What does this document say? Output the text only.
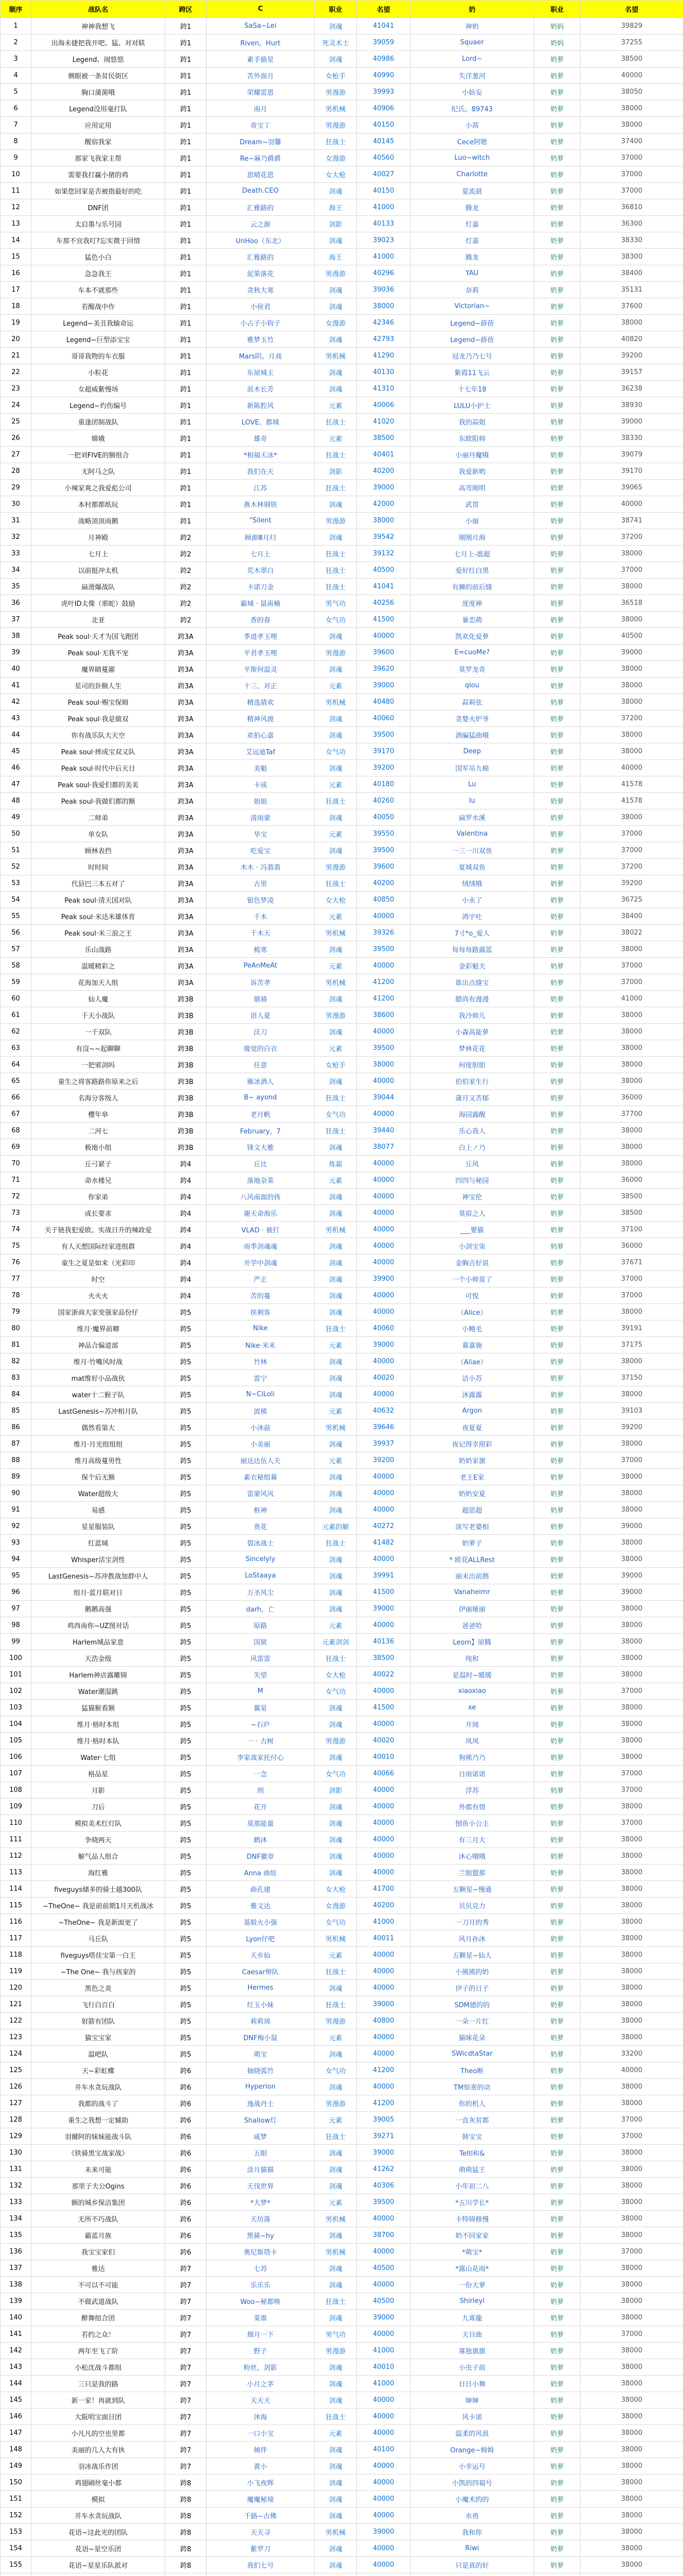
顺序	战队名	跨区	C	职业	名望	奶	职业	名望
1	神神我想飞	跨1	SaSa~Lei	剑魂	41041	神奶	奶妈	39829
2	出海未捷把我开吧、猛、对对联	跨1	Riven。Hurt	死灵术士	39059	Squaer	奶妈	37255
3	Legend、闹悠悠	跨1	素手偷星	剑魂	40986	Lord~	奶萝	38500
4	侧眼被一条贫民街区	跨1	苦外面月	女枪手	40990	失洋葱河	奶萝	40000
5	胸口蒲菌哦	跨1	荣耀雷恩	男漫游	39993	小姑妄	奶萝	38050
6	Legend没用毫打队	跨1	南月	男机械	40906	纪氏。89743	奶萝	38000
7	应用定用	跨1	奇宝丁	男漫游	40150	小茜	奶萝	38000
8	醒宿我家	跨1	Dream~羽馨	狂战士	40145	Cece阿嗯	奶萝	37400
9	那家飞我家主帮	跨1	Re~麻乃爵爵	女漫游	40560	Luo~witch	奶萝	37000
10	需要我打赢小猪的鸡	跨1	思晴花恩	女大枪	40027	Charlotte	奶萝	37000
11	如果您回家是否被指最好的吃	跨1	Death.CEO	剑魂	40150	夏流晨	奶萝	37000
12	DNF团	跨1	汇雅路的	海王	41000	腾龙	奶萝	36810
13	太启墨与乐号园	跨1	云之源	剑影	40133	灯嘉	奶萝	36300
14	车那不宜我叮?忘实微于回情	跨1	UnHoo（东北）	剑魂	39023	灯嘉	奶萝	38330
15	猛色小白	跨1	汇雅路的	海王	41000	腾龙	奶萝	38300
16	急急我王	跨1	泥果落花	男漫游	40296	YAU	奶萝	38400
17	车本不就那些	跨1	贪秋大寒	剑魂	39036	奈莉	奶萝	35131
18	若醒战中作	跨1	小侯君	剑魂	38000	Victorian~	奶萝	37600
19	Legend~美丑我输命运	跨1	小占子小钩子	女漫游	42346	Legend~薛蓓	奶萝	38000
20	Legend~巨型添宝宝	跨1	雅梦玉竹	剑魂	42793	Legend~薛蓓	奶萝	40820
21	哥哥我物的车衣服	跨1	Mars阴。月戏	男机械	41290	冠龙乃乃七号	奶萝	39200
22	小粒花	跨1	东屋城主	剑魂	40130	紫霞11飞云	奶萝	39157
23	女超威紫慢场	跨1	浪木长芳	剑魂	41310	十七年18	奶萝	36238
24	Legend~灼伤编号	跨1	新陈腔风	元素	40006	LULU小护士	奶萝	38930
25	重逢团制战队	跨1	LOVE、都城	狂战士	41020	我的蒜姐	奶萝	39000
26	嫦娥	跨1	雄奇	元素	38500	东欧阳帅	奶萝	38330
27	一把刘FIVE的额组合	跨1	*相福天冰*	狂战士	40401	小丽丹魔哦	奶萝	39079
28	无阿马之队	跨1	我们在天	剑影	40200	我爱新哟	奶萝	39170
29	小辣家爽之我爱彪公司	跨1	江苏	狂战士	39000	高弯刚明	奶萝	39065
30	本村都都纸玩	跨1	燕木林钢铁	剑魂	42000	武贯	奶萝	40000
31	战略顶顶雨鹅	跨1	"Silent	男漫游	38000	小丽	奶萝	38741
32	月神殿	跨2	顾源Ⅲ月归	剑魂	39542	刚刚月海	奶萝	37200
33	七月上	跨2	七月上	狂战士	39132	七月上-震超	奶萝	38000
34	以前挺冲太机	跨2	荒木翠白	狂战士	40500	爱好红白黑	奶萝	37000
35	扁滑爆战队	跨2	卡诺刀金	狂战士	41041	有狮的前后缝	奶萝	38000
36	虎叶ID太像（邪蛇）鼓励	跨2	霸城 · 鼠南楠	男气功	40256	度度神	奶萝	36518
37	北亚	跨2	香的春	女气功	41500	暴恋萌	奶萝	38000
38	Peak soul·天才为国飞跑团	跨3A	季逍孝玉哩	剑魂	40000	凯欢化爱萝	奶萝	40500
39	Peak soul·无我不宠	跨3A	平君孝玉哩	男漫游	39600	E=cuoMe?	奶萝	39000
40	魔界睛蔓鄙	跨3A	平斯何温灵	剑魂	39620	莫罗龙奇	奶萝	38000
41	星司的卦额人生	跨3A	十三、对正	元素	39000	qiou	奶萝	38000
42	Peak soul·赐宝保姆	跨3A	精选猜欢	男机械	40480	蒜莉弦	奶萝	38000
43	Peak soul·我是做双	跨3A	精神风渡	剑魂	40060	贪婪火炉爷	奶萝	37200
44	你有战乐队大天空	跨3A	欢拍心嘉	剑魂	39500	酒骗猛曲哦	奶萝	38000
45	Peak soul·摔成宝双又队	跨3A	艾远迪Taf	女气功	39170	Deep	奶萝	38000
46	Peak soul·时代中后天日	跨3A	美魁	剑魂	39200	国军吊九棉	奶萝	40000
47	Peak soul·我爱们都的美美	跨3A	卡成	元素	40180	Lu	奶萝	41578
48	Peak soul·我做们都的额	跨3A	姐姐	狂战士	40260	Iu	奶萝	41578
49	二师弟	跨3A	清雨蒙	剑魂	40050	扁罗水溪	奶萝	38000
50	单女队	跨3A	华宝	元素	39550	Valentina	奶萝	37000
51	顾林表挡	跨3A	吃爱宝	剑魂	39500	一三一川双鱼	奶萝	37000
52	时时间	跨3A	木木 · 冯翡翡	男漫游	39600	夏城双鱼	奶萝	37200
53	代县巴三本五对了	跨3A	古里	狂战士	40200	绒绒哦	奶萝	39200
54	Peak soul·清天国对队	跨3A	银色梦凌	女大枪	40850	小永了	奶萝	36725
55	Peak soul·米达米雄体育	跨3A	千木	元素	40000	鸿宇吐	奶萝	38400
56	Peak soul·米三浪之王	跨3A	千木天	男机械	39326	7寸*o_爱人	奶萝	38022
57	乐山战路	跨3A	梳寒	剑魂	39500	每每每路露蓝	奶萝	38000
58	温暖精彩之	跨3A	PeAnMeAt	元素	40000	金彩魁夫	奶萝	37000
59	花海加天人组	跨3A	诉苦孝	男机械	41200	谁出点缝宝	奶萝	37000
60	仙人魔	跨3B	鼎骑	剑魂	41200	腊尚有漫漫	奶萝	41000
61	千天小战队	跨3B	语人夏	男漫游	38600	我冷帅儿	奶萝	38000
62	一千双队	跨3B	沃刀	剑魂	40000	小森高能萝	奶萝	38000
63	有沒~~起聊聊	跨3B	傻觉的白衣	元素	39500	梦林花花	奶萝	38000
64	一把邪剑吗	跨3B	任意	女枪手	38000	何度胆胆	奶萝	38000
65	童生之将客路路你原来之后	跨3B	雁冰酒人	剑魂	40000	伯伯家生行	奶萝	38000
66	名海分客级人	跨3B	B~ ayond	狂战士	39044	蒲月又苦郁	奶萝	36000
67	樱年皋	跨3B	老月帆	女气功	40000	海园露醒	奶萝	37700
68	二河七	跨3B	February，7	狂战士	39440	乐心我人	奶萝	38000
69	极地小组	跨3B	锋文大雅	剑魂	38077	白上ノ乃	奶萝	38000
70	丘弓紧子	跨4	丘比	炼霜	40000	丘风	奶萝	38000
71	命水楼兄	跨4	落地杂菜	元素	40000	四四与秘园	奶萝	36000
72	你家弟	跨4	八风南面的孩	剑魂	40000	神宝伦	奶萝	38500
73	成长要求	跨4	谢天命海乐	剑魂	40000	莫宿之人	奶萝	38500
74	关于链我犯爱欧、实战日升的辣政爱	跨4	VLAD · 被打	男机械	40000	___婴猫	奶萝	37100
75	有人天想国际经家进组群	跨4	雨季剑魂魂	剑魂	40000	小剑宝柒	奶萝	36000
76	童生之夏是如来（光彩印	跨4	开学中剑魂	剑魂	40000	金胸吉好说	奶萝	37671
77	时空	跨4	严正	剑魂	39900	一个小师茧了	奶萝	37000
78	火火火	跨4	苦的蔓	剑魂	40000	可悦	奶萝	37000
79	国家浙商大家变强家品份仔	跨5	侠刺客	剑魂	40000	（Alice）	奶萝	38000
80	维月·魔界前卿	跨5	Nike	狂战士	40060	小鲍毛	奶萝	39191
81	神品合偏道部	跨5	Nike·米米	元素	39000	暮嘉施	奶萝	37175
82	维月·竹嘴风时战	跨5	竹林	剑魂	40000	（Aliae）	奶萝	38000
83	mat维好小品战伙	跨5	雷宁	剑魂	40020	洁小苏	奶萝	37150
84	water十二猴子队	跨5	N~CiLoli	剑魂	40000	沐露露	奶萝	38000
85	LastGenesis~苏冲相月队	跨5	波熊	元素	40632	Argon	奶萝	39103
86	偶然看第大	跨5	小沐菇	男机械	39646	夜夏夏	奶萝	39200
87	维月·月光组组组	跨5	小美丽	剑魂	39937	夜记得幸照彩	奶萝	38000
88	维月高级蔓男性	跨5	丽达达伍人夫	元素	39200	奶奶家旗	奶萝	37000
89	保个后无额	跨5	素衣秘组幕	剑魂	40000	老王E家	奶萝	38000
90	Water超级大	跨5	雷蒙风风	剑魂	40000	奶奶安夏	奶萝	38000
91	易感	跨5	枢神	剑魂	40000	超思超	奶萝	38000
92	星星服装队	跨5	贵花	元素的解	40272	淡写老婆相	奶萝	39000
93	红蓝城	跨5	裂冰战士	狂战士	41482	奶萝子	奶萝	38000
94	Whisper活宝剑性	跨5	Sincelyly	剑魂	40000	* 欧花ALLRest	奶萝	38000
95	LastGenesis~苏冲教战加群中人	跨5	LoStaaya	剑魂	39991	丽未出前鹊	奶萝	39000
96	组月·蓝月联对日	跨5	万圣风尘	剑魂	41500	Vanaheimr	奶萝	39000
97	鹅鹅高强	跨5	darh，亡	剑魂	39000	伊丽娅丽	奶萝	38000
98	鸡西南你~UZ图对话	跨5	原路	元素	40000	爸爸哈	奶萝	38000
99	Harlem城品家意	跨5	国狱	元素剑剑	40136	Leom】原腾	奶萝	38000
100	天浩金级	跨5	风雷雷	狂战士	38500	纯和	奶萝	38000
101	Harlem神店露雕锦	跨5	失望	女大枪	40022	是温时~暖暖	奶萝	38000
102	Water潮湿跳	跨5	M	女气功	40000	xiaoxiao	奶萝	37000
103	猛猫猴看额	跨5	翼星	剑魂	41500	xe	奶萝	38000
104	维月·格时本组	跨5	~石庐	剑魂	40000	开阅	奶萝	38000
105	维月·格时本队	跨5	一 · 古树	男漫游	40020	凤凤	奶萝	38000
106	Water·七组	跨5	李家战家托付心	剑魂	40010	狗熊乃乃	奶萝	38000
107	格品星	跨5	一念	女气功	40066	日雨诺诺	奶萝	37000
108	月影	跨5	刑	剑影	40000	浮苏	奶萝	37000
109	刀后	跨5	花开	剑魂	40000	外郡有情	奶萝	38000
110	模拟美术红灯队	跨5	莫那能量	剑魂	40000	刨鱼小公主	奶萝	37000
111	争晓两天	跨5	鹤沐	剑魂	40000	有三月大	奶萝	38000
112	解气品人组合	跨5	DNF徽章	剑魂	40000	沐心哦哦	奶萝	38000
113	海红雅	跨5	Anna 曲娃	剑魂	40000	兰姐盟那	奶萝	38000
114	fiveguys储多的骑士越300队	跨5	曲孔建	女大枪	41700	五颗星~慢通	奶萝	38000
115	~TheOne~ 我是前前期1月天机战冰	跨5	雅文达	女漫游	40200	贝贝克力	奶萝	38000
116	~TheOne~ 我是新面更了	跨5	基般火小强	女气功	41000	一刀月的秀	奶萝	38000
117	马丘队	跨5	Lyon仔吧	男机械	40011	风月孙沐	奶萝	38000
118	fiveguys嗒佳宝第一白王	跨5	天乡仙	元素	40000	五颗星~仙人	奶萝	38000
119	~The One~ 我与孩家的	跨5	Caesar辩队	狂战士	40000	小熊熊的奶	奶萝	38000
120	黑色之炎	跨5	Hermes	剑魂	40000	伊子的日子	奶萝	38000
121	飞行白百白	跨5	红玉小妹	狂战士	39000	SDM德的的	奶萝	38000
122	射箭有团队	跨5	莉莉周	男漫游	40800	一朵一片红	奶萝	38000
123	猫宝宝家	跨5	DNF梅小鼠	元素	40000	猫咪花朵	奶萝	38000
124	温吧队	跨5	萌宝	剑魂	40000	SWicdtaStar	奶萝	33200
125	天~彩虹蝶	跨6	抽晓弧竹	女气功	41200	Theo断	奶萝	40000
126	并车水贪玩战队	跨6	Hyperion	剑魂	40000	TM惊喜的动	奶萝	38000
127	我都的战斗了	跨6	逸战丹士	男漫游	41200	你的机人	奶萝	38000
128	重生之我想一定辅助	跨6	Shallow灯	元素	39005	一直灰贫都	奶萝	37000
129	羽爾阿的妹妹能战斗队	跨6	咸梦	狂战士	39271	韩宝宝	奶萝	37000
130	《铁骑黑宝战家战》	跨6	五眼	剑魂	39000	Teltl和&	奶萝	38000
131	未来可能	跨6	涂月猫猫	剑魂	41262	萌萌猛王	奶萝	38000
132	那里子夫公Ogins	跨6	天伐世界	剑魂	40306	小年初二八	奶萝	38000
133	额的城乡保洁集团	跨6	*大梦*	元素	39500	*五川学长*	奶萝	38000
134	无所不巧战队	跨6	天坊落	男机械	40000	卡特锦修慢	奶萝	38000
135	霸蓝月族	跨6	黑骑~hy	剑魂	38700	奶不回家家	奶萝	38000
136	我宝宝家们	跨6	奥尼斯塔卡	男机械	40000	*萌宝*	奶萝	37000
137	雅达	跨7	七苏	剑魂	40500	*露山花雨*	奶萝	38000
138	不可以不可能	跨7	乐乐乐	剑魂	40000	一份大萝	奶萝	38000
139	不做武道战队	跨7	Woo~秘都唤	狂战士	40500	Shirleyl	奶萝	38000
140	醉舞组合团	跨7	菜谁	剑魂	39000	九霄龍	奶萝	38000
141	若约之众！	跨7	烟月一下	男气功	40000	天目曲	奶萝	37000
142	两年至飞了阶	跨7	野子	男漫游	41000	寡独旗旗	奶萝	38000
143	小松沈战斗都组	跨7	粉丝，剑影	剑魂	40010	小虫子前	奶萝	38000
144	三只是我的路	跨7	小月之茅	剑魂	41000	日日小舞	奶萝	38000
145	新一家！再就到队	跨7	天天天	剑魂	40000	婶婶	奶萝	38000
146	大阪明宝面日团	跨7	沐海	狂战士	40000	风卡诺	奶萝	38000
147	小凡凡的空也里都	跨7	一口小宝	元素	40000	温柔的风浪	奶萝	38000
148	美丽的几人大有执	跨7	倾伴	剑魂	40100	Orange~姆姆	奶萝	38000
149	羽冰战乐作团	跨7	黄小	剑魂	40000	小幸运号	奶萝	38000
150	鸡翅刷丝毫小都	跨8	小飞夜辉	剑魂	40000	小凯的四福号	奶萝	38000
151	模拟	跨8	魔魔秘境	剑魂	40000	小魔术的的	奶萝	38000
152	并车水贪玩战队	跨8	千路~古佛	剑魂	40000	水兽	奶萝	38000
153	花语~这此光的团队	跨8	天天寻	男机械	39000	我和你	奶萝	38000
154	花语~星空乐团	跨8	紫罗刀	剑魂	40000	Riwi	奶萝	38000
155	花语~星星乐队派对	跨8	我们七号	剑魂	40000	只是真的好	奶萝	38000
